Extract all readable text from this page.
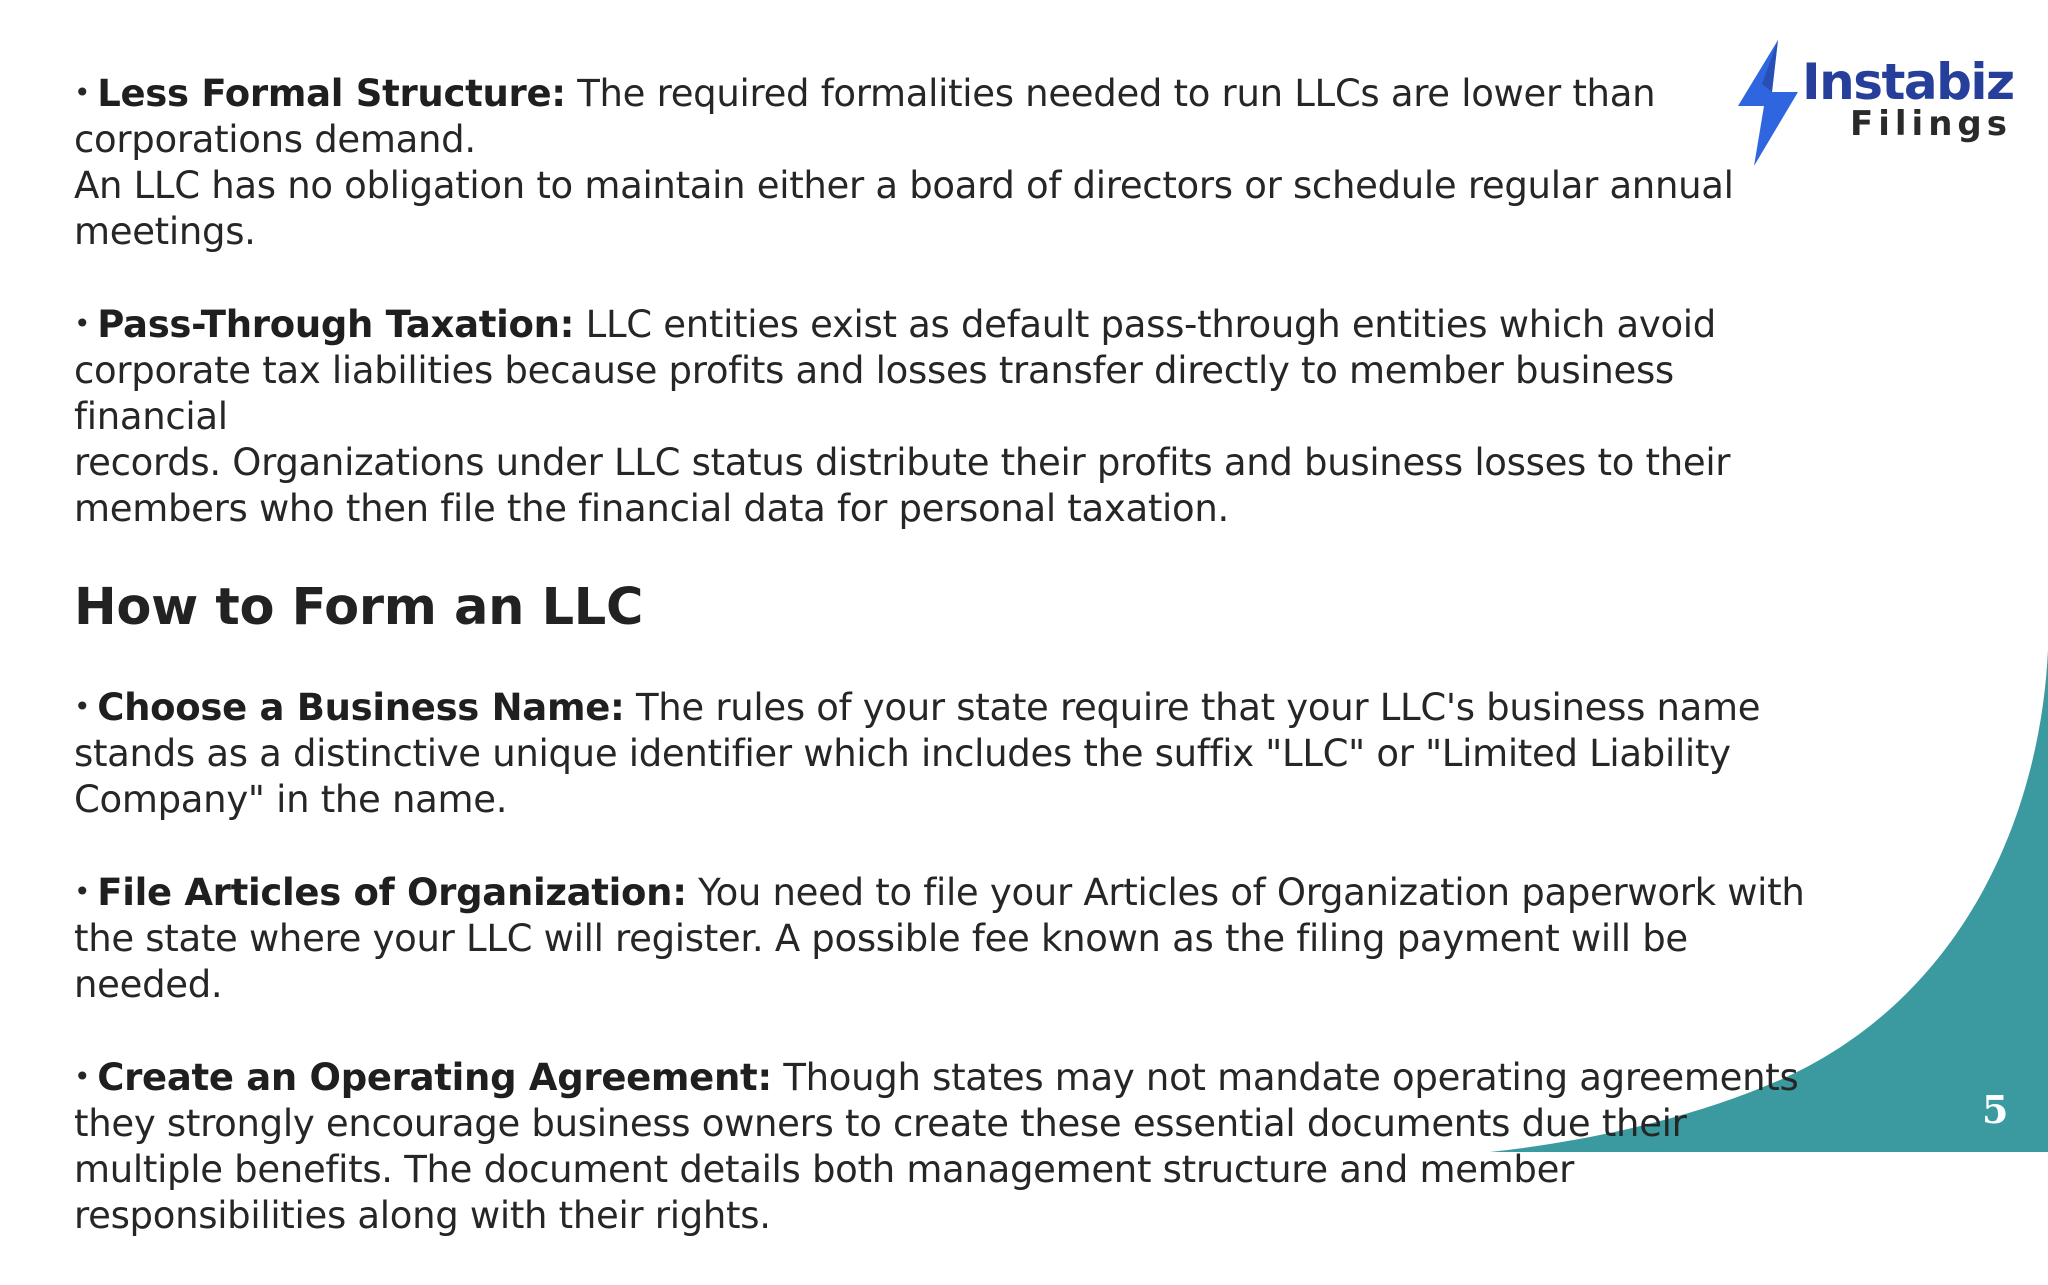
Instabiz
Filings
• Less Formal Structure: The required formalities needed to run LLCs are lower than
corporations demand.
An LLC has no obligation to maintain either a board of directors or schedule regular annual
meetings.
• Pass-Through Taxation: LLC entities exist as default pass-through entities which avoid
corporate tax liabilities because profits and losses transfer directly to member business financial
records. Organizations under LLC status distribute their profits and business losses to their
members who then file the financial data for personal taxation.
How to Form an LLC
• Choose a Business Name: The rules of your state require that your LLC's business name
stands as a distinctive unique identifier which includes the suffix "LLC" or "Limited Liability
Company" in the name.
• File Articles of Organization: You need to file your Articles of Organization paperwork with
the state where your LLC will register. A possible fee known as the filing payment will be needed.
• Create an Operating Agreement: Though states may not mandate operating agreements
they strongly encourage business owners to create these essential documents due their
multiple benefits. The document details both management structure and member
responsibilities along with their rights.
5
